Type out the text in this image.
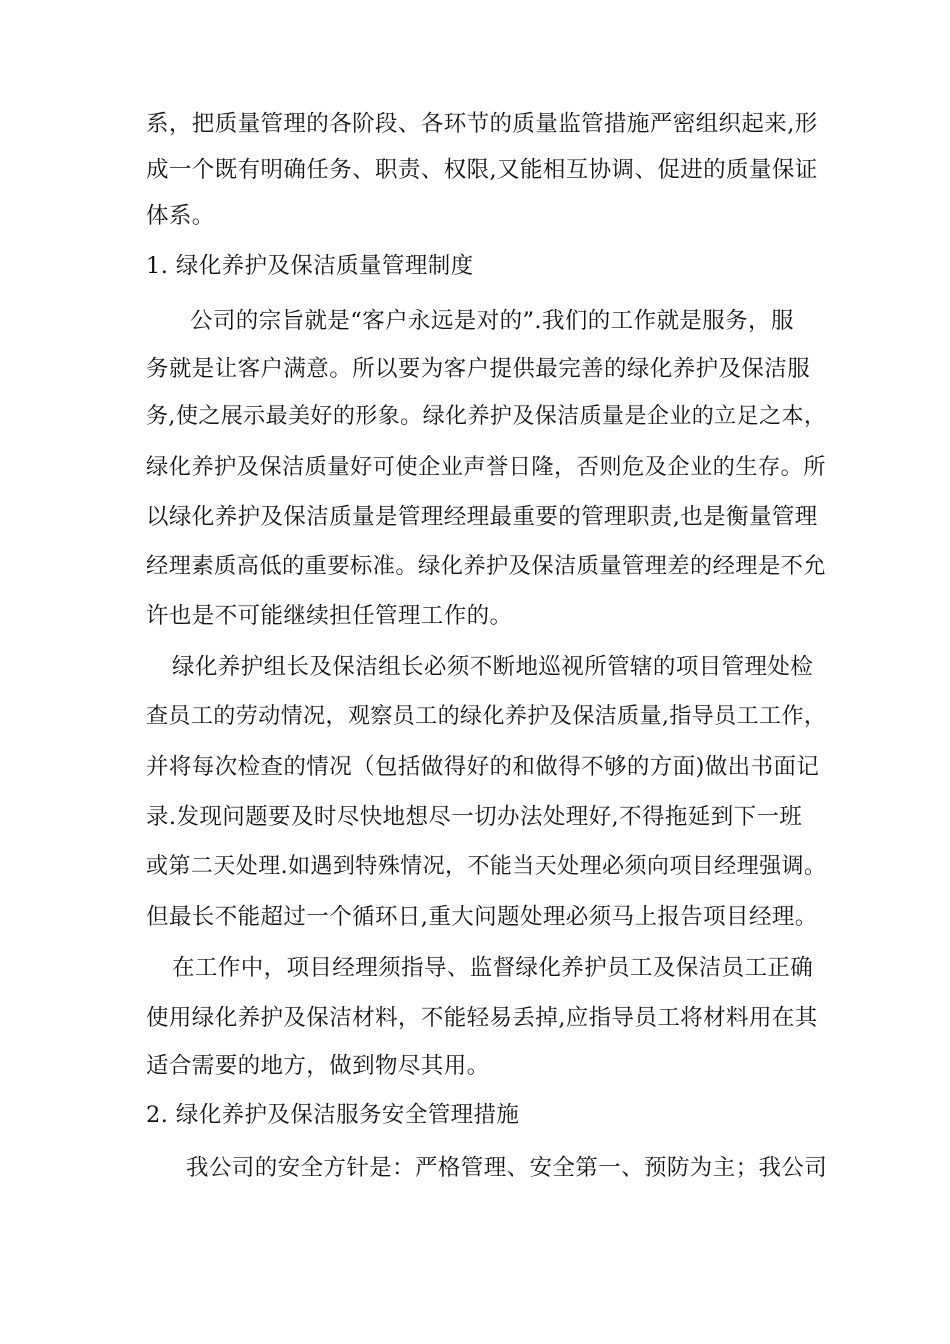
系，把质量管理的各阶段、各环节的质量监管措施严密组织起来,形
成一个既有明确任务、职责、权限,又能相互协调、促进的质量保证
体系。
1. 绿化养护及保洁质量管理制度
公司的宗旨就是“客户永远是对的”.我们的工作就是服务，服
务就是让客户满意。所以要为客户提供最完善的绿化养护及保洁服
务,使之展示最美好的形象。绿化养护及保洁质量是企业的立足之本，
绿化养护及保洁质量好可使企业声誉日隆，否则危及企业的生存。所
以绿化养护及保洁质量是管理经理最重要的管理职责,也是衡量管理
经理素质高低的重要标准。绿化养护及保洁质量管理差的经理是不允
许也是不可能继续担任管理工作的。
绿化养护组长及保洁组长必须不断地巡视所管辖的项目管理处检
查员工的劳动情况，观察员工的绿化养护及保洁质量,指导员工工作，
并将每次检查的情况（包括做得好的和做得不够的方面)做出书面记
录.发现问题要及时尽快地想尽一切办法处理好,不得拖延到下一班
或第二天处理.如遇到特殊情况，不能当天处理必须向项目经理强调。
但最长不能超过一个循环日,重大问题处理必须马上报告项目经理。
在工作中，项目经理须指导、监督绿化养护员工及保洁员工正确
使用绿化养护及保洁材料，不能轻易丢掉,应指导员工将材料用在其
适合需要的地方，做到物尽其用。
2. 绿化养护及保洁服务安全管理措施
我公司的安全方针是：严格管理、安全第一、预防为主；我公司
